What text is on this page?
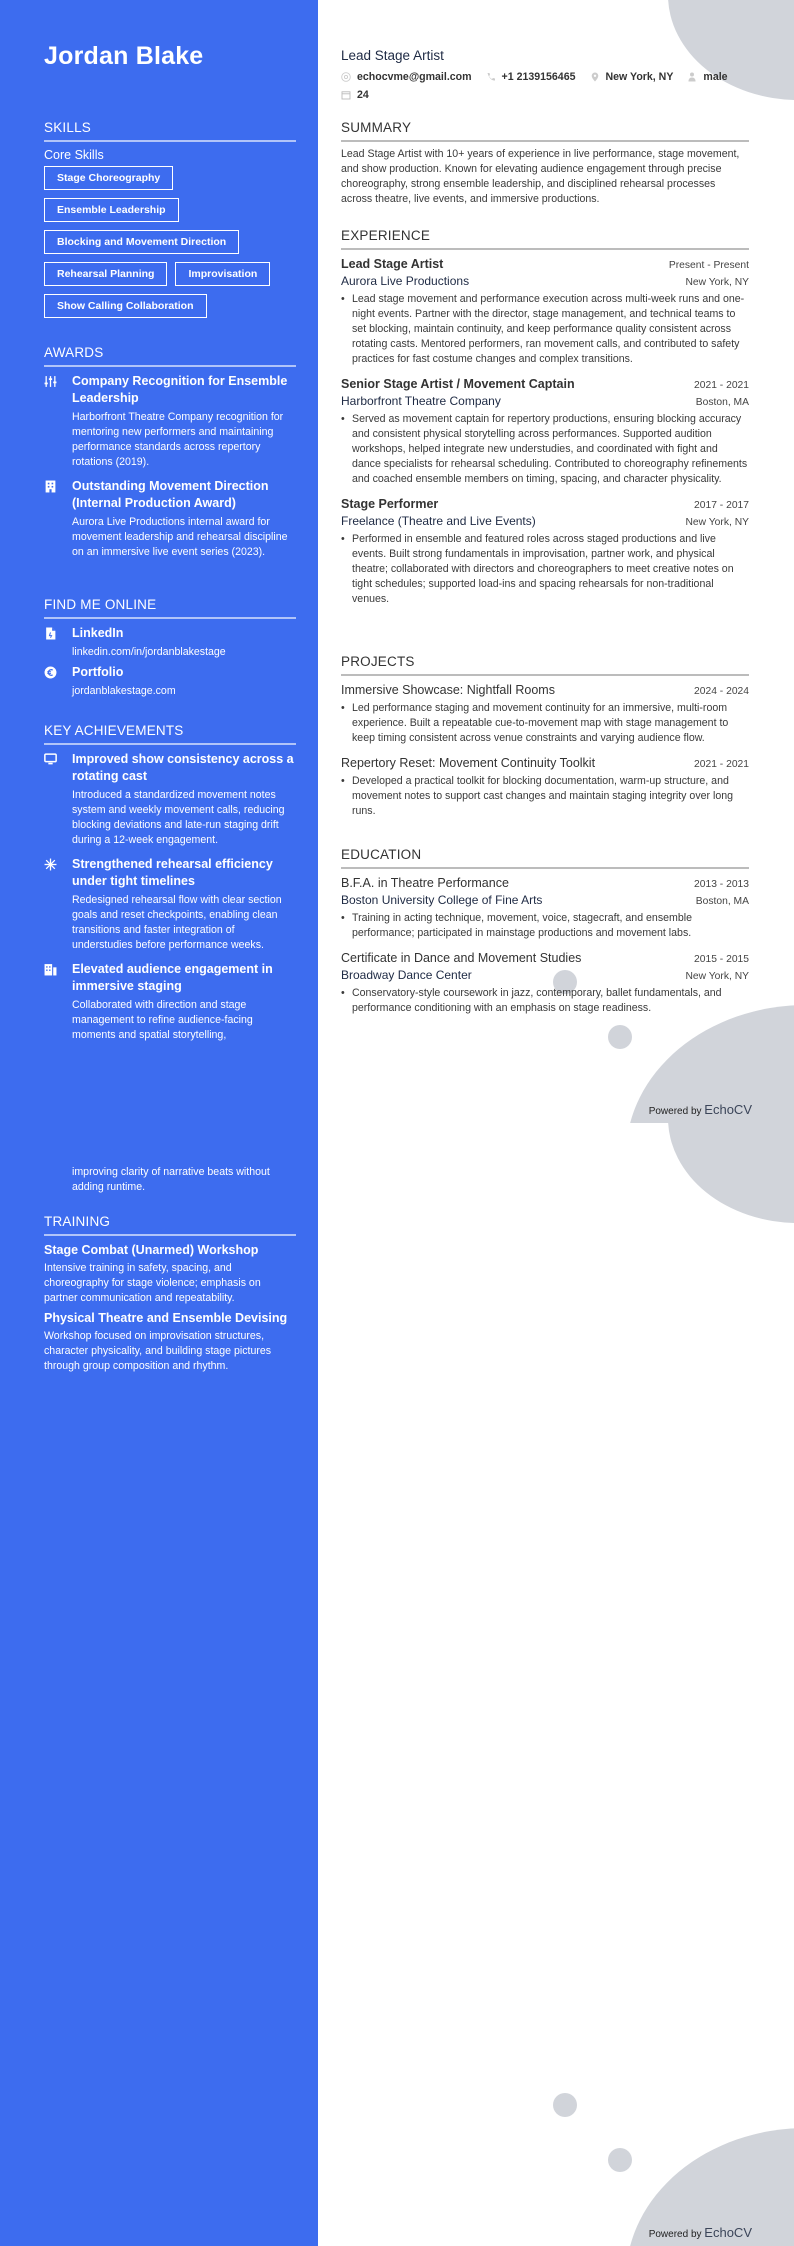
Jordan Blake
SKILLS
Core Skills
Stage Choreography
Ensemble Leadership
Blocking and Movement Direction
Rehearsal Planning	Improvisation
Show Calling Collaboration
AWARDS
Company Recognition for Ensemble Leadership
Harborfront Theatre Company recognition for mentoring new performers and maintaining performance standards across repertory rotations (2019).
Outstanding Movement Direction (Internal Production Award)
Aurora Live Productions internal award for movement leadership and rehearsal discipline on an immersive live event series (2023).
FIND ME ONLINE
LinkedIn
linkedin.com/in/jordanblakestage
Portfolio
jordanblakestage.com
KEY ACHIEVEMENTS
Improved show consistency across a rotating cast
Introduced a standardized movement notes system and weekly movement calls, reducing blocking deviations and late-run staging drift during a 12-week engagement.
Strengthened rehearsal efficiency under tight timelines
Redesigned rehearsal flow with clear section goals and reset checkpoints, enabling clean transitions and faster integration of understudies before performance weeks.
Elevated audience engagement in immersive staging
Collaborated with direction and stage management to refine audience-facing moments and spatial storytelling,
improving clarity of narrative beats without adding runtime.
TRAINING
Stage Combat (Unarmed) Workshop
Intensive training in safety, spacing, and choreography for stage violence; emphasis on partner communication and repeatability.
Physical Theatre and Ensemble Devising
Workshop focused on improvisation structures, character physicality, and building stage pictures through group composition and rhythm.
Lead Stage Artist
echocvme@gmail.com	+1 2139156465	New York, NY	male
24
SUMMARY
Lead Stage Artist with 10+ years of experience in live performance, stage movement, and show production. Known for elevating audience engagement through precise choreography, strong ensemble leadership, and disciplined rehearsal processes across theatre, live events, and immersive productions.
EXPERIENCE
Lead Stage Artist	Present - Present
Aurora Live Productions	New York, NY
• Lead stage movement and performance execution across multi-week runs and one-night events. Partner with the director, stage management, and technical teams to set blocking, maintain continuity, and keep performance quality consistent across rotating casts. Mentored performers, ran movement calls, and contributed to safety practices for fast costume changes and complex transitions.
Senior Stage Artist / Movement Captain	2021 - 2021
Harborfront Theatre Company	Boston, MA
• Served as movement captain for repertory productions, ensuring blocking accuracy and consistent physical storytelling across performances. Supported audition workshops, helped integrate new understudies, and coordinated with fight and dance specialists for rehearsal scheduling. Contributed to choreography refinements and coached ensemble members on timing, spacing, and character physicality.
Stage Performer	2017 - 2017
Freelance (Theatre and Live Events)	New York, NY
• Performed in ensemble and featured roles across staged productions and live events. Built strong fundamentals in improvisation, partner work, and physical theatre; collaborated with directors and choreographers to meet creative notes on tight schedules; supported load-ins and spacing rehearsals for non-traditional venues.
PROJECTS
Immersive Showcase: Nightfall Rooms	2024 - 2024
• Led performance staging and movement continuity for an immersive, multi-room experience. Built a repeatable cue-to-movement map with stage management to keep timing consistent across venue constraints and varying audience flow.
Repertory Reset: Movement Continuity Toolkit	2021 - 2021
• Developed a practical toolkit for blocking documentation, warm-up structure, and movement notes to support cast changes and maintain staging integrity over long runs.
EDUCATION
B.F.A. in Theatre Performance	2013 - 2013
Boston University College of Fine Arts	Boston, MA
• Training in acting technique, movement, voice, stagecraft, and ensemble performance; participated in mainstage productions and movement labs.
Certificate in Dance and Movement Studies	2015 - 2015
Broadway Dance Center	New York, NY
• Conservatory-style coursework in jazz, contemporary, ballet fundamentals, and performance conditioning with an emphasis on stage readiness.
Powered by EchoCV
Powered by EchoCV
